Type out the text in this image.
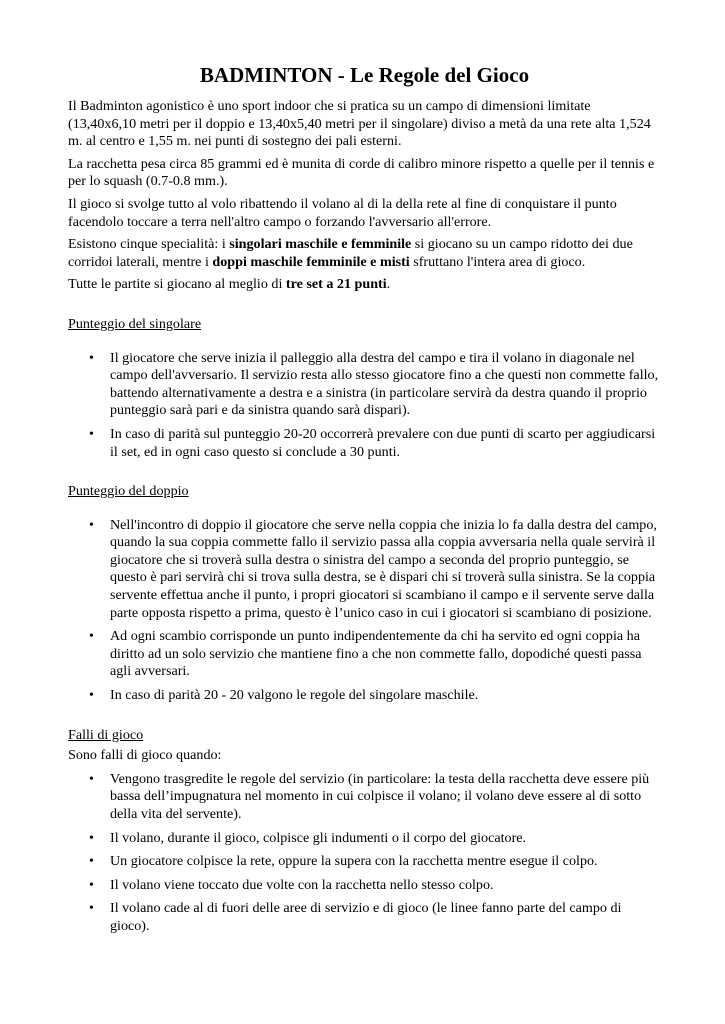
BADMINTON - Le Regole del Gioco

Il Badminton agonistico è uno sport indoor che si pratica su un campo di dimensioni limitate (13,40x6,10 metri per il doppio e 13,40x5,40 metri per il singolare) diviso a metà da una rete alta 1,524 m. al centro e 1,55 m. nei punti di sostegno dei pali esterni.

La racchetta pesa circa 85 grammi ed è munita di corde di calibro minore rispetto a quelle per il tennis e per lo squash (0.7-0.8 mm.).

Il gioco si svolge tutto al volo ribattendo il volano al di la della rete al fine di conquistare il punto facendolo toccare a terra nell'altro campo o forzando l'avversario all'errore.

Esistono cinque specialità: i singolari maschile e femminile si giocano su un campo ridotto dei due corridoi laterali, mentre i doppi maschile femminile e misti sfruttano l'intera area di gioco.

Tutte le partite si giocano al meglio di tre set a 21 punti.

Punteggio del singolare
• Il giocatore che serve inizia il palleggio alla destra del campo e tira il volano in diagonale nel campo dell'avversario. Il servizio resta allo stesso giocatore fino a che questi non commette fallo, battendo alternativamente a destra e a sinistra (in particolare servirà da destra quando il proprio punteggio sarà pari e da sinistra quando sarà dispari).
• In caso di parità sul punteggio 20-20 occorrerà prevalere con due punti di scarto per aggiudicarsi il set, ed in ogni caso questo si conclude a 30 punti.
Punteggio del doppio
• Nell'incontro di doppio il giocatore che serve nella coppia che inizia lo fa dalla destra del campo, quando la sua coppia commette fallo il servizio passa alla coppia avversaria nella quale servirà il giocatore che si troverà sulla destra o sinistra del campo a seconda del proprio punteggio, se questo è pari servirà chi si trova sulla destra, se è dispari chi si troverà sulla sinistra. Se la coppia servente effettua anche il punto, i propri giocatori si scambiano il campo e il servente serve dalla parte opposta rispetto a prima, questo è l’unico caso in cui i giocatori si scambiano di posizione.
• Ad ogni scambio corrisponde un punto indipendentemente da chi ha servito ed ogni coppia ha diritto ad un solo servizio che mantiene fino a che non commette fallo, dopodiché questi passa agli avversari.
• In caso di parità 20 - 20 valgono le regole del singolare maschile.
Falli di gioco

Sono falli di gioco quando:

• Vengono trasgredite le regole del servizio (in particolare: la testa della racchetta deve essere più bassa dell’impugnatura nel momento in cui colpisce il volano; il volano deve essere al di sotto della vita del servente).
• Il volano, durante il gioco, colpisce gli indumenti o il corpo del giocatore.
• Un giocatore colpisce la rete, oppure la supera con la racchetta mentre esegue il colpo.
• Il volano viene toccato due volte con la racchetta nello stesso colpo.
• Il volano cade al di fuori delle aree di servizio e di gioco (le linee fanno parte del campo di gioco).
